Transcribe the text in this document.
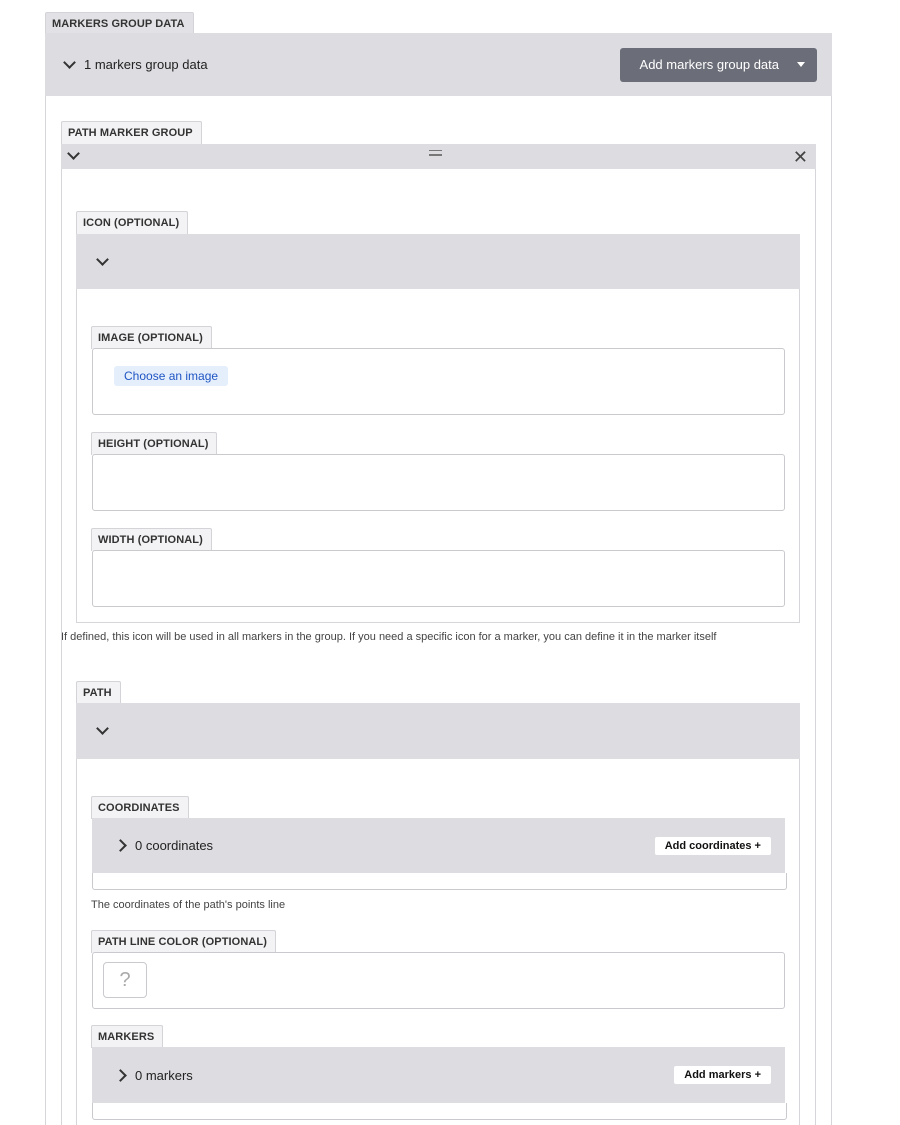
MARKERS GROUP DATA
1 markers group data	Add markers group data
PATH MARKER GROUP
✕
ICON (OPTIONAL)
IMAGE (OPTIONAL)
Choose an image
HEIGHT (OPTIONAL)
WIDTH (OPTIONAL)
If defined, this icon will be used in all markers in the group. If you need a specific icon for a marker, you can define it in the marker itself
PATH
COORDINATES
0 coordinates	Add coordinates +
The coordinates of the path's points line
PATH LINE COLOR (OPTIONAL)
?
MARKERS
0 markers	Add markers +
